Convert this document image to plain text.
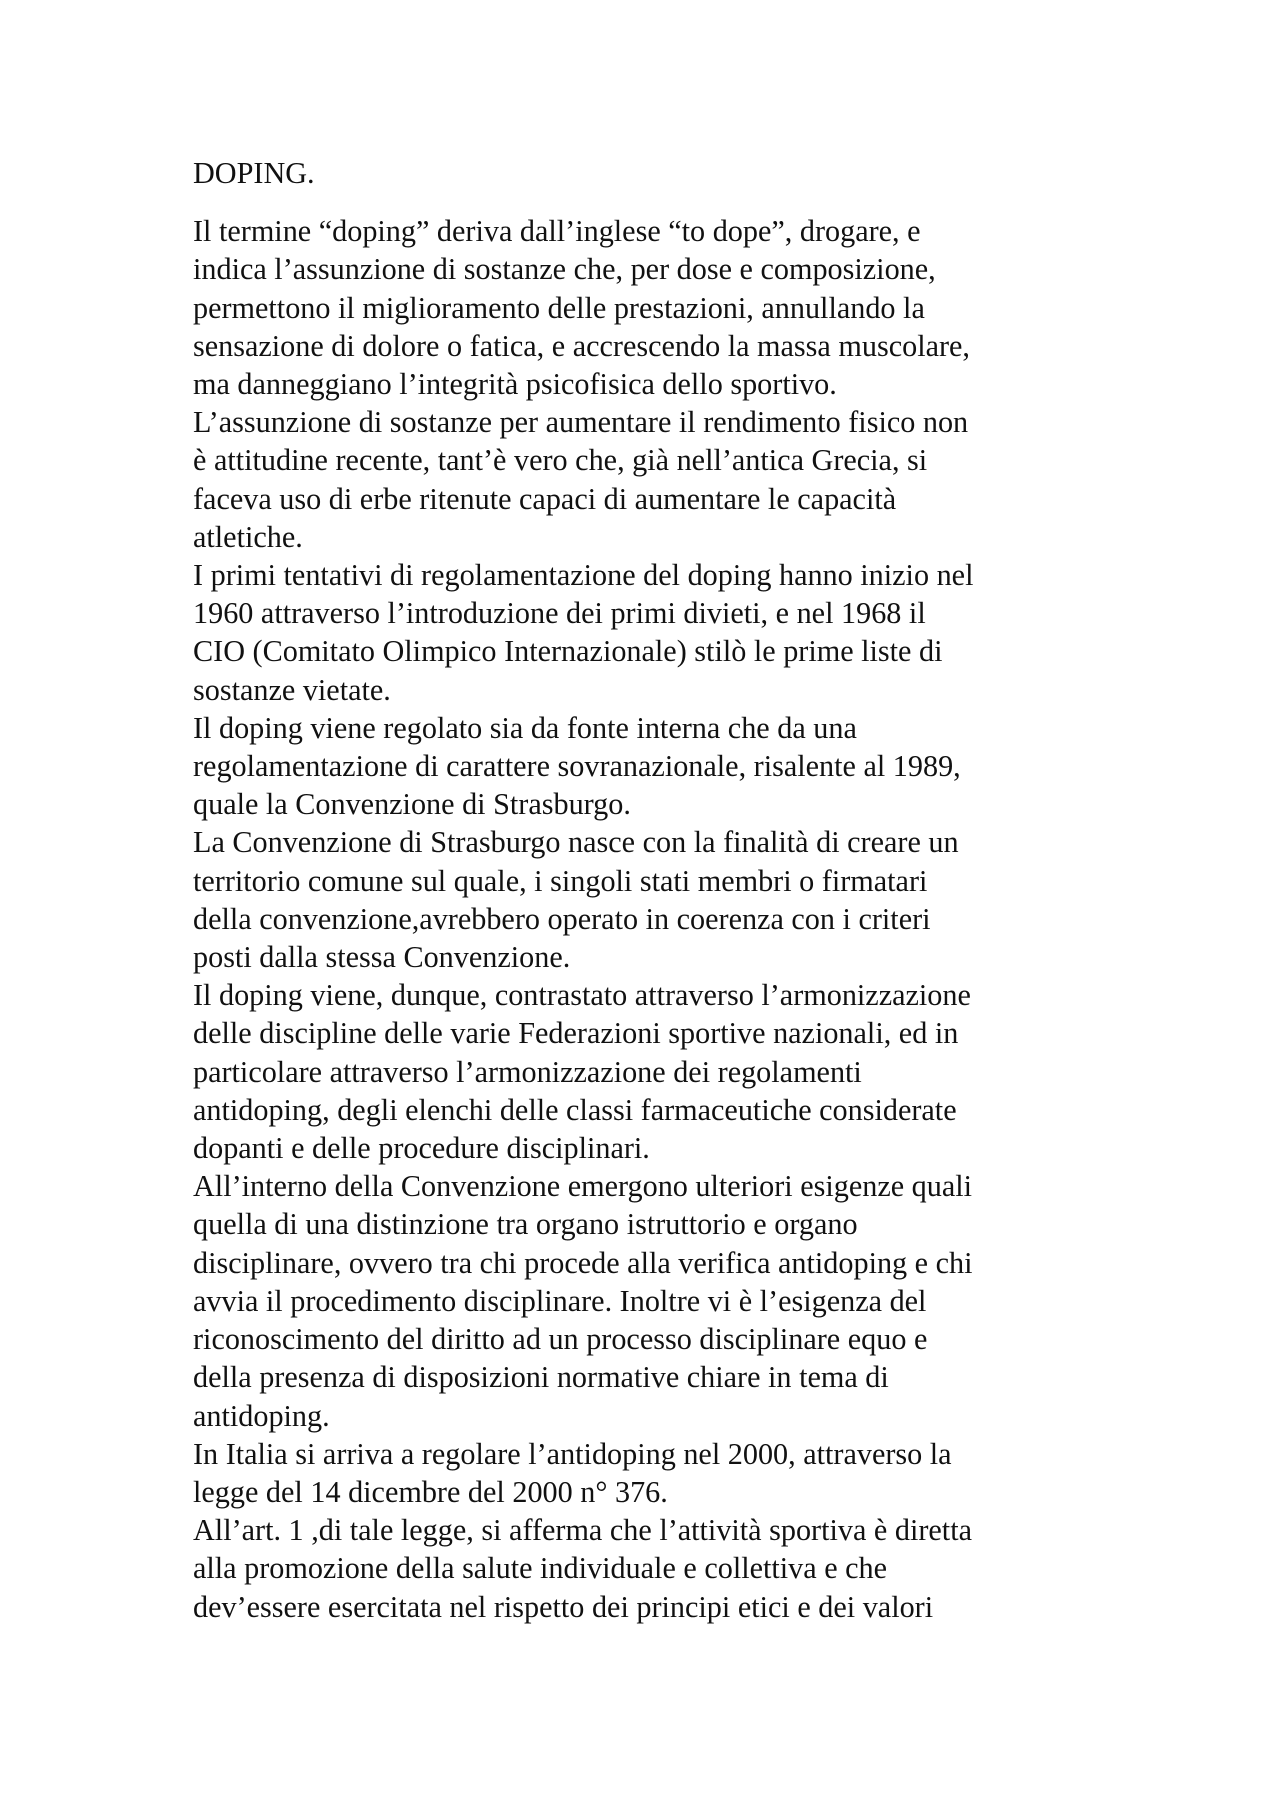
DOPING.
Il termine “doping” deriva dall’inglese “to dope”, drogare, e
indica l’assunzione di sostanze che, per dose e composizione,
permettono il miglioramento delle prestazioni, annullando la
sensazione di dolore o fatica, e accrescendo la massa muscolare,
ma danneggiano l’integrità psicofisica dello sportivo.
L’assunzione di sostanze per aumentare il rendimento fisico non
è attitudine recente, tant’è vero che, già nell’antica Grecia, si
faceva uso di erbe ritenute capaci di aumentare le capacità
atletiche.
I primi tentativi di regolamentazione del doping hanno inizio nel
1960 attraverso l’introduzione dei primi divieti, e nel 1968 il
CIO (Comitato Olimpico Internazionale) stilò le prime liste di
sostanze vietate.
Il doping viene regolato sia da fonte interna che da una
regolamentazione di carattere sovranazionale, risalente al 1989,
quale la Convenzione di Strasburgo.
La Convenzione di Strasburgo nasce con la finalità di creare un
territorio comune sul quale, i singoli stati membri o firmatari
della convenzione,avrebbero operato in coerenza con i criteri
posti dalla stessa Convenzione.
Il doping viene, dunque, contrastato attraverso l’armonizzazione
delle discipline delle varie Federazioni sportive nazionali, ed in
particolare attraverso l’armonizzazione dei regolamenti
antidoping, degli elenchi delle classi farmaceutiche considerate
dopanti e delle procedure disciplinari.
All’interno della Convenzione emergono ulteriori esigenze quali
quella di una distinzione tra organo istruttorio e organo
disciplinare, ovvero tra chi procede alla verifica antidoping e chi
avvia il procedimento disciplinare. Inoltre vi è l’esigenza del
riconoscimento del diritto ad un processo disciplinare equo e
della presenza di disposizioni normative chiare in tema di
antidoping.
In Italia si arriva a regolare l’antidoping nel 2000, attraverso la
legge del 14 dicembre del 2000 n° 376.
All’art. 1 ,di tale legge, si afferma che l’attività sportiva è diretta
alla promozione della salute individuale e collettiva e che
dev’essere esercitata nel rispetto dei principi etici e dei valori
